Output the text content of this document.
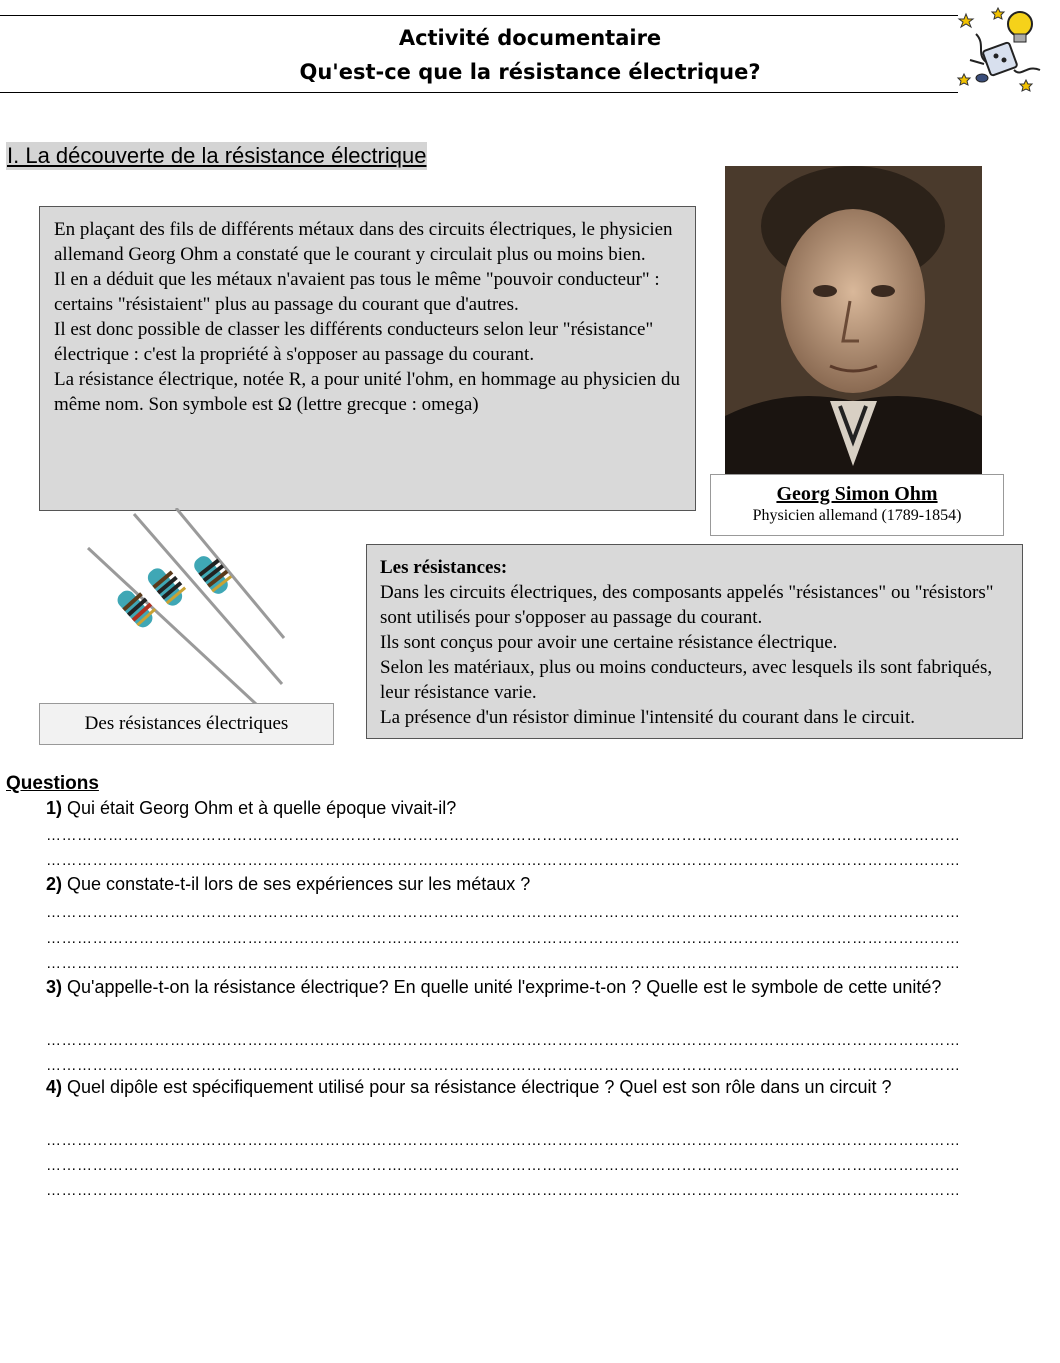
Activité documentaire
Qu'est-ce que la résistance électrique?
I. La découverte de la résistance électrique

En plaçant des fils de différents métaux dans des circuits électriques, le physicien allemand Georg Ohm a constaté que le courant y circulait plus ou moins bien.

Il en a déduit que les métaux n'avaient pas tous le même "pouvoir conducteur" : certains "résistaient" plus au passage du courant que d'autres.

Il est donc possible de classer les différents conducteurs selon leur "résistance" électrique : c'est la propriété à s'opposer au passage du courant.

La résistance électrique, notée R, a pour unité l'ohm, en hommage au physicien du même nom. Son symbole est Ω (lettre grecque : omega)

Georg Simon Ohm
Physicien allemand (1789-1854)
Des résistances électriques

Les résistances:

Dans les circuits électriques, des composants appelés "résistances" ou "résistors" sont utilisés pour s'opposer au passage du courant.

Ils sont conçus pour avoir une certaine résistance électrique.

Selon les matériaux, plus ou moins conducteurs, avec lesquels ils sont fabriqués, leur résistance varie.

La présence d'un résistor diminue l'intensité du courant dans le circuit.

Questions
1) Qui était Georg Ohm et à quelle époque vivait-il?
……………………………………………………………………………………………………………………………………………………………
……………………………………………………………………………………………………………………………………………………………
2) Que constate-t-il lors de ses expériences sur les métaux ?
……………………………………………………………………………………………………………………………………………………………
……………………………………………………………………………………………………………………………………………………………
……………………………………………………………………………………………………………………………………………………………
3) Qu'appelle-t-on la résistance électrique? En quelle unité l'exprime-t-on ? Quelle est le symbole de cette unité?
……………………………………………………………………………………………………………………………………………………………
……………………………………………………………………………………………………………………………………………………………
4) Quel dipôle est spécifiquement utilisé pour sa résistance électrique ? Quel est son rôle dans un circuit ?
……………………………………………………………………………………………………………………………………………………………
……………………………………………………………………………………………………………………………………………………………
……………………………………………………………………………………………………………………………………………………………
